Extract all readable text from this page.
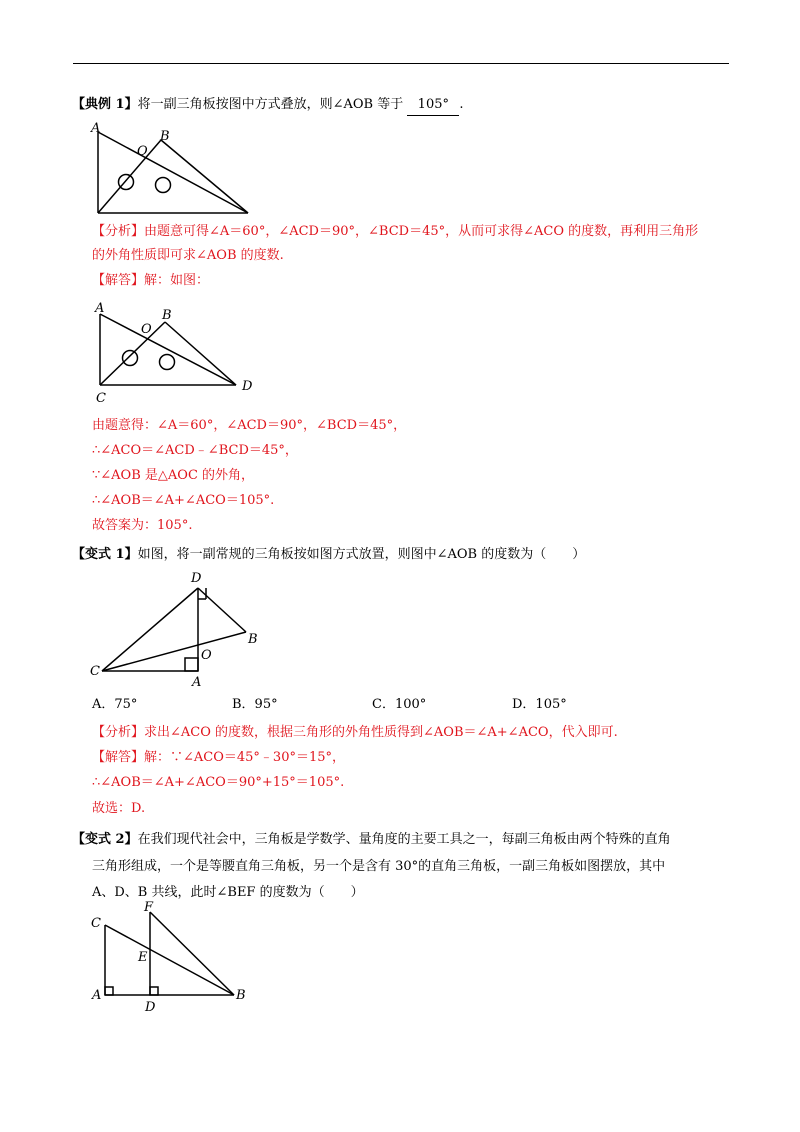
【典例 1】将一副三角板按图中方式叠放，则∠AOB 等于 105° .
A
B
O
【分析】由题意可得∠A＝60°，∠ACD＝90°，∠BCD＝45°，从而可求得∠ACO 的度数，再利用三角形
的外角性质即可求∠AOB 的度数.
【解答】解：如图：
A	B
O
C
D
由题意得：∠A＝60°，∠ACD＝90°，∠BCD＝45°，
∴∠ACO＝∠ACD﹣∠BCD＝45°，
∵∠AOB 是△AOC 的外角，
∴∠AOB＝∠A+∠ACO＝105°.
故答案为：105°.
【变式 1】如图，将一副常规的三角板按如图方式放置，则图中∠AOB 的度数为（　　）
D
B
O
C
A
A．75°	B．95°	C．100°	D．105°
【分析】求出∠ACO 的度数，根据三角形的外角性质得到∠AOB＝∠A+∠ACO，代入即可.
【解答】解：∵∠ACO＝45°﹣30°＝15°，
∴∠AOB＝∠A+∠ACO＝90°+15°＝105°.
故选：D.
【变式 2】在我们现代社会中，三角板是学数学、量角度的主要工具之一，每副三角板由两个特殊的直角
三角形组成，一个是等腰直角三角板，另一个是含有 30°的直角三角板，一副三角板如图摆放，其中
A、D、B 共线，此时∠BEF 的度数为（　　）
C
F
E
A
D
B
